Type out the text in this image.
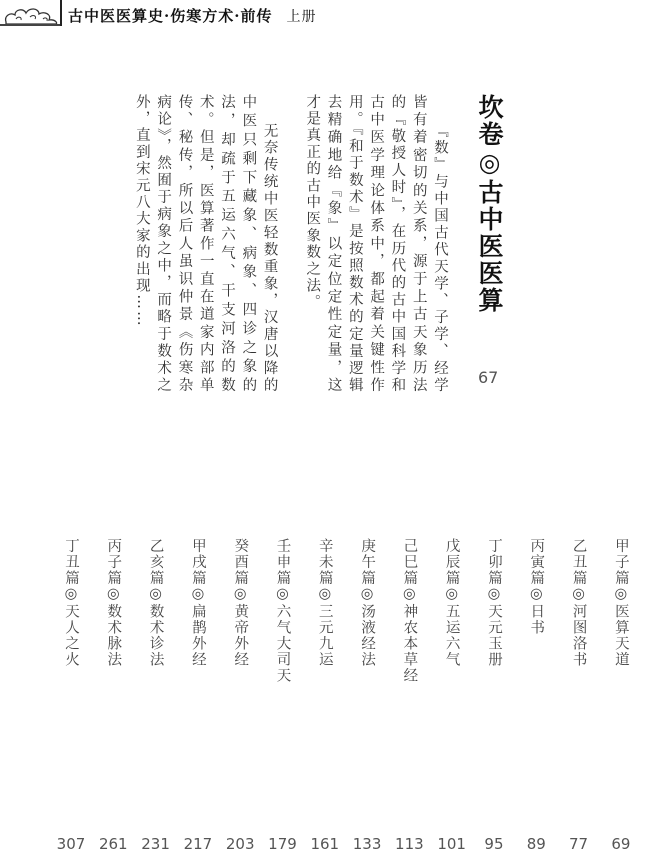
古中医医算史·伤寒方术·前传 上册
坎卷◎古中医医算
67

『数』与中国古代天学、子学、经学皆有着密切的关系，源于上古天象历法的『敬授人时』，在历代的古中国科学和古中医学理论体系中，都起着关键性作用。『和于数术』是按照数术的定量逻辑去精确地给『象』以定位定性定量，这才是真正的古中医象数之法。

无奈传统中医轻数重象，汉唐以降的中医只剩下藏象、病象、四诊之象的法，却疏于五运六气、干支河洛的数术。但是，医算著作一直在道家内部单传、秘传，所以后人虽识仲景《伤寒杂病论》，然囿于病象之中，而略于数术之外，直到宋元八大家的出现……

甲子篇◎医算天道
69
乙丑篇◎河图洛书
77
丙寅篇◎日书
89
丁卯篇◎天元玉册
95
戊辰篇◎五运六气
101
己巳篇◎神农本草经
113
庚午篇◎汤液经法
133
辛未篇◎三元九运
161
壬申篇◎六气大司天
179
癸酉篇◎黄帝外经
203
甲戌篇◎扁鹊外经
217
乙亥篇◎数术诊法
231
丙子篇◎数术脉法
261
丁丑篇◎天人之火
307
